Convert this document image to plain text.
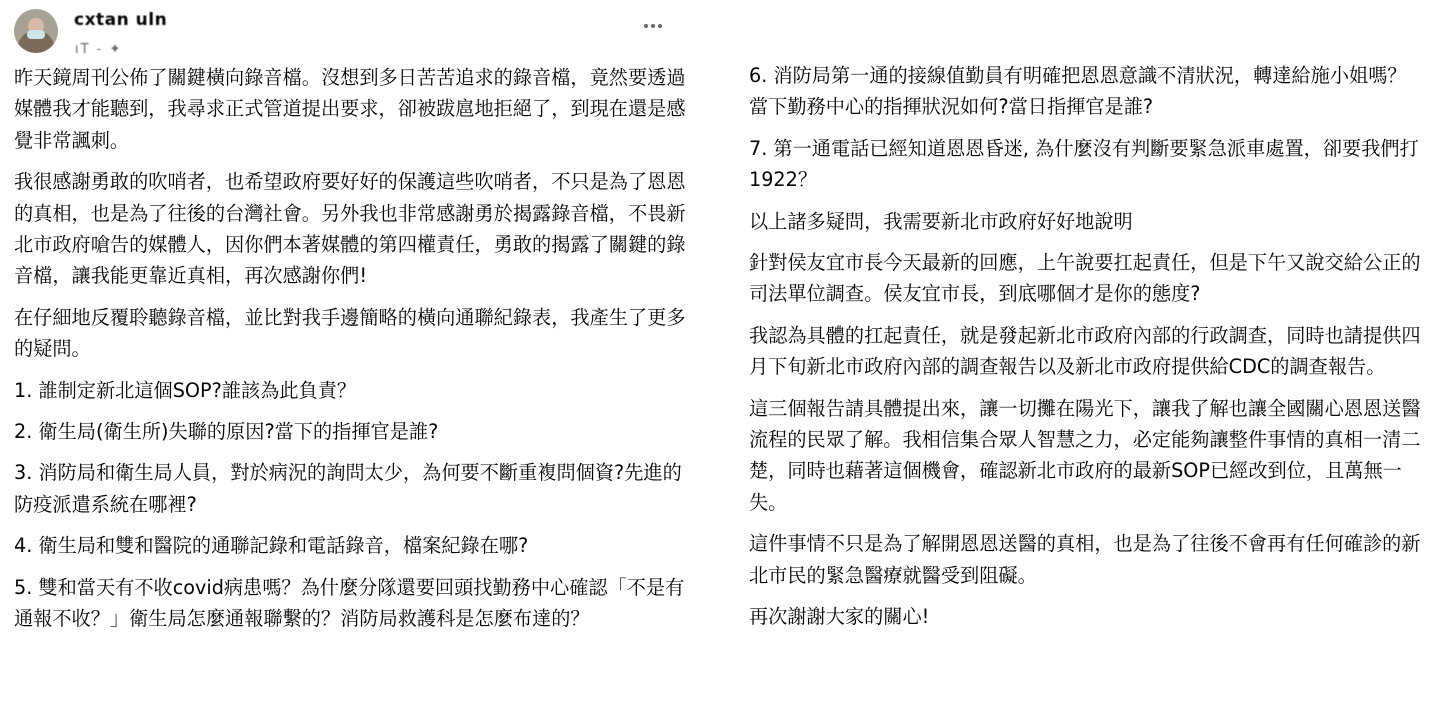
cxtan uln
ıT ‑ ✦

昨天鏡周刊公佈了關鍵橫向錄音檔。沒想到多日苦苦追求的錄音檔，竟然要透過媒體我才能聽到，我尋求正式管道提出要求，卻被跋扈地拒絕了，到現在還是感覺非常諷刺。

我很感謝勇敢的吹哨者，也希望政府要好好的保護這些吹哨者，不只是為了恩恩的真相，也是為了往後的台灣社會。另外我也非常感謝勇於揭露錄音檔，不畏新北市政府嗆告的媒體人，因你們本著媒體的第四權責任，勇敢的揭露了關鍵的錄音檔，讓我能更靠近真相，再次感謝你們!

在仔細地反覆聆聽錄音檔，並比對我手邊簡略的橫向通聯紀錄表，我產生了更多的疑問。

1. 誰制定新北這個SOP?誰該為此負責？

2. 衛生局(衛生所)失聯的原因?當下的指揮官是誰?

3. 消防局和衛生局人員，對於病況的詢問太少，為何要不斷重複問個資?先進的防疫派遣系統在哪裡?

4. 衛生局和雙和醫院的通聯記錄和電話錄音，檔案紀錄在哪?

5. 雙和當天有不收covid病患嗎？為什麼分隊還要回頭找勤務中心確認「不是有通報不收？」衛生局怎麼通報聯繫的？消防局救護科是怎麼布達的？

6. 消防局第一通的接線值勤員有明確把恩恩意識不清狀況，轉達給施小姐嗎？當下勤務中心的指揮狀況如何?當日指揮官是誰?

7. 第一通電話已經知道恩恩昏迷, 為什麼沒有判斷要緊急派車處置，卻要我們打1922？

以上諸多疑問，我需要新北市政府好好地說明

針對侯友宜市長今天最新的回應，上午說要扛起責任，但是下午又說交給公正的司法單位調查。侯友宜市長，到底哪個才是你的態度?

我認為具體的扛起責任，就是發起新北市政府內部的行政調查，同時也請提供四月下旬新北市政府內部的調查報告以及新北市政府提供給CDC的調查報告。

這三個報告請具體提出來，讓一切攤在陽光下，讓我了解也讓全國關心恩恩送醫流程的民眾了解。我相信集合眾人智慧之力，必定能夠讓整件事情的真相一清二楚，同時也藉著這個機會，確認新北市政府的最新SOP已經改到位，且萬無一失。

這件事情不只是為了解開恩恩送醫的真相，也是為了往後不會再有任何確診的新北市民的緊急醫療就醫受到阻礙。

再次謝謝大家的關心!
